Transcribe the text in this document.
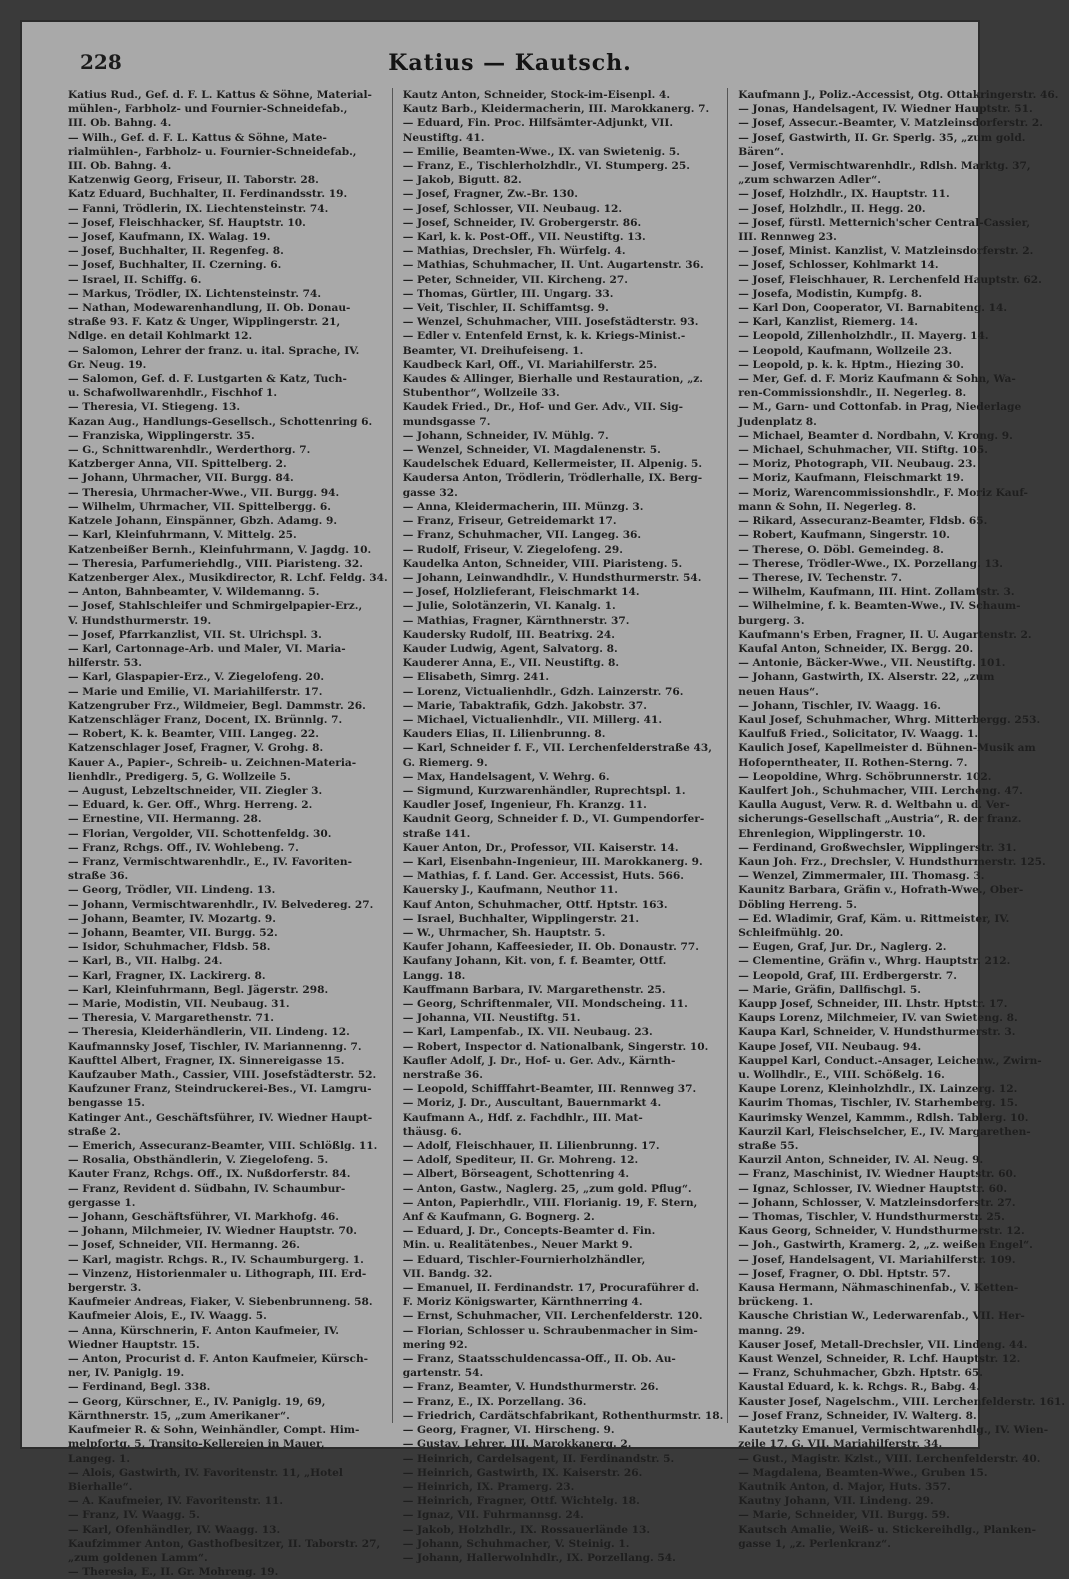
228	Katius — Kautsch.

Katius Rud., Gef. d. F. L. Kattus & Söhne, Material-

mühlen-, Farbholz- und Fournier-Schneidefab.,

III. Ob. Bahng. 4.

— Wilh., Gef. d. F. L. Kattus & Söhne, Mate-

rialmühlen-, Farbholz- u. Fournier-Schneidefab.,

III. Ob. Bahng. 4.

Katzenwig Georg, Friseur, II. Taborstr. 28.

Katz Eduard, Buchhalter, II. Ferdinandsstr. 19.

— Fanni, Trödlerin, IX. Liechtensteinstr. 74.

— Josef, Fleischhacker, Sf. Hauptstr. 10.

— Josef, Kaufmann, IX. Walag. 19.

— Josef, Buchhalter, II. Regenfeg. 8.

— Josef, Buchhalter, II. Czerning. 6.

— Israel, II. Schiffg. 6.

— Markus, Trödler, IX. Lichtensteinstr. 74.

— Nathan, Modewarenhandlung, II. Ob. Donau-

straße 93. F. Katz & Unger, Wipplingerstr. 21,

Ndlge. en detail Kohlmarkt 12.

— Salomon, Lehrer der franz. u. ital. Sprache, IV.

Gr. Neug. 19.

— Salomon, Gef. d. F. Lustgarten & Katz, Tuch-

u. Schafwollwarenhdlr., Fischhof 1.

— Theresia, VI. Stiegeng. 13.

Kazan Aug., Handlungs-Gesellsch., Schottenring 6.

— Franziska, Wipplingerstr. 35.

— G., Schnittwarenhdlr., Werderthorg. 7.

Katzberger Anna, VII. Spittelberg. 2.

— Johann, Uhrmacher, VII. Burgg. 84.

— Theresia, Uhrmacher-Wwe., VII. Burgg. 94.

— Wilhelm, Uhrmacher, VII. Spittelbergg. 6.

Katzele Johann, Einspänner, Gbzh. Adamg. 9.

— Karl, Kleinfuhrmann, V. Mittelg. 25.

Katzenbeißer Bernh., Kleinfuhrmann, V. Jagdg. 10.

— Theresia, Parfumeriehdlg., VIII. Piaristeng. 32.

Katzenberger Alex., Musikdirector, R. Lchf. Feldg. 34.

— Anton, Bahnbeamter, V. Wildemanng. 5.

— Josef, Stahlschleifer und Schmirgelpapier-Erz.,

V. Hundsthurmerstr. 19.

— Josef, Pfarrkanzlist, VII. St. Ulrichspl. 3.

— Karl, Cartonnage-Arb. und Maler, VI. Maria-

hilferstr. 53.

— Karl, Glaspapier-Erz., V. Ziegelofeng. 20.

— Marie und Emilie, VI. Mariahilferstr. 17.

Katzengruber Frz., Wildmeier, Begl. Dammstr. 26.

Katzenschläger Franz, Docent, IX. Brünnlg. 7.

— Robert, K. k. Beamter, VIII. Langeg. 22.

Katzenschlager Josef, Fragner, V. Grohg. 8.

Kauer A., Papier-, Schreib- u. Zeichnen-Materia-

lienhdlr., Predigerg. 5, G. Wollzeile 5.

— August, Lebzeltschneider, VII. Ziegler 3.

— Eduard, k. Ger. Off., Whrg. Herreng. 2.

— Ernestine, VII. Hermanng. 28.

— Florian, Vergolder, VII. Schottenfeldg. 30.

— Franz, Rchgs. Off., IV. Wohlebeng. 7.

— Franz, Vermischtwarenhdlr., E., IV. Favoriten-

straße 36.

— Georg, Trödler, VII. Lindeng. 13.

— Johann, Vermischtwarenhdlr., IV. Belvedereg. 27.

— Johann, Beamter, IV. Mozartg. 9.

— Johann, Beamter, VII. Burgg. 52.

— Isidor, Schuhmacher, Fldsb. 58.

— Karl, B., VII. Halbg. 24.

— Karl, Fragner, IX. Lackirerg. 8.

— Karl, Kleinfuhrmann, Begl. Jägerstr. 298.

— Marie, Modistin, VII. Neubaug. 31.

— Theresia, V. Margarethenstr. 71.

— Theresia, Kleiderhändlerin, VII. Lindeng. 12.

Kaufmannsky Josef, Tischler, IV. Mariannenng. 7.

Kaufttel Albert, Fragner, IX. Sinnereigasse 15.

Kaufzauber Math., Cassier, VIII. Josefstädterstr. 52.

Kaufzuner Franz, Steindruckerei-Bes., VI. Lamgru-

bengasse 15.

Katinger Ant., Geschäftsführer, IV. Wiedner Haupt-

straße 2.

— Emerich, Assecuranz-Beamter, VIII. Schlößlg. 11.

— Rosalia, Obsthändlerin, V. Ziegelofeng. 5.

Kauter Franz, Rchgs. Off., IX. Nußdorferstr. 84.

— Franz, Revident d. Südbahn, IV. Schaumbur-

gergasse 1.

— Johann, Geschäftsführer, VI. Markhofg. 46.

— Johann, Milchmeier, IV. Wiedner Hauptstr. 70.

— Josef, Schneider, VII. Hermanng. 26.

— Karl, magistr. Rchgs. R., IV. Schaumburgerg. 1.

— Vinzenz, Historienmaler u. Lithograph, III. Erd-

bergerstr. 3.

Kaufmeier Andreas, Fiaker, V. Siebenbrunneng. 58.

Kaufmeier Alois, E., IV. Waagg. 5.

— Anna, Kürschnerin, F. Anton Kaufmeier, IV.

Wiedner Hauptstr. 15.

— Anton, Procurist d. F. Anton Kaufmeier, Kürsch-

ner, IV. Paniglg. 19.

— Ferdinand, Begl. 338.

— Georg, Kürschner, E., IV. Paniglg. 19, 69,

Kärnthnerstr. 15, „zum Amerikaner“.

Kaufmeier R. & Sohn, Weinhändler, Compt. Him-

melpfortg. 5, Transito-Kellereien in Mauer,

Langeg. 1.

— Alois, Gastwirth, IV. Favoritenstr. 11, „Hotel

Bierhalle“.

— A. Kaufmeier, IV. Favoritenstr. 11.

— Franz, IV. Waagg. 5.

— Karl, Ofenhändler, IV. Waagg. 13.

Kaufzimmer Anton, Gasthofbesitzer, II. Taborstr. 27,

„zum goldenen Lamm“.

— Theresia, E., II. Gr. Mohreng. 19.

Kautz Anton, Schneider, Stock-im-Eisenpl. 4.

Kautz Barb., Kleidermacherin, III. Marokkanerg. 7.

— Eduard, Fin. Proc. Hilfsämter-Adjunkt, VII.

Neustiftg. 41.

— Emilie, Beamten-Wwe., IX. van Swietenig. 5.

— Franz, E., Tischlerholzhdlr., VI. Stumperg. 25.

— Jakob, Bigutt. 82.

— Josef, Fragner, Zw.-Br. 130.

— Josef, Schlosser, VII. Neubaug. 12.

— Josef, Schneider, IV. Grobergerstr. 86.

— Karl, k. k. Post-Off., VII. Neustiftg. 13.

— Mathias, Drechsler, Fh. Würfelg. 4.

— Mathias, Schuhmacher, II. Unt. Augartenstr. 36.

— Peter, Schneider, VII. Kircheng. 27.

— Thomas, Gürtler, III. Ungarg. 33.

— Veit, Tischler, II. Schiffamtsg. 9.

— Wenzel, Schuhmacher, VIII. Josefstädterstr. 93.

— Edler v. Entenfeld Ernst, k. k. Kriegs-Minist.-

Beamter, VI. Dreihufeiseng. 1.

Kaudbeck Karl, Off., VI. Mariahilferstr. 25.

Kaudes & Allinger, Bierhalle und Restauration, „z.

Stubenthor“, Wollzeile 33.

Kaudek Fried., Dr., Hof- und Ger. Adv., VII. Sig-

mundsgasse 7.

— Johann, Schneider, IV. Mühlg. 7.

— Wenzel, Schneider, VI. Magdalenenstr. 5.

Kaudelschek Eduard, Kellermeister, II. Alpenig. 5.

Kaudersa Anton, Trödlerin, Trödlerhalle, IX. Berg-

gasse 32.

— Anna, Kleidermacherin, III. Münzg. 3.

— Franz, Friseur, Getreidemarkt 17.

— Franz, Schuhmacher, VII. Langeg. 36.

— Rudolf, Friseur, V. Ziegelofeng. 29.

Kaudelka Anton, Schneider, VIII. Piaristeng. 5.

— Johann, Leinwandhdlr., V. Hundsthurmerstr. 54.

— Josef, Holzlieferant, Fleischmarkt 14.

— Julie, Solotänzerin, VI. Kanalg. 1.

— Mathias, Fragner, Kärnthnerstr. 37.

Kaudersky Rudolf, III. Beatrixg. 24.

Kauder Ludwig, Agent, Salvatorg. 8.

Kauderer Anna, E., VII. Neustiftg. 8.

— Elisabeth, Simrg. 241.

— Lorenz, Victualienhdlr., Gdzh. Lainzerstr. 76.

— Marie, Tabaktrafik, Gdzh. Jakobstr. 37.

— Michael, Victualienhdlr., VII. Millerg. 41.

Kauders Elias, II. Lilienbrunng. 8.

— Karl, Schneider f. F., VII. Lerchenfelderstraße 43,

G. Riemerg. 9.

— Max, Handelsagent, V. Wehrg. 6.

— Sigmund, Kurzwarenhändler, Ruprechtspl. 1.

Kaudler Josef, Ingenieur, Fh. Kranzg. 11.

Kaudnit Georg, Schneider f. D., VI. Gumpendorfer-

straße 141.

Kauer Anton, Dr., Professor, VII. Kaiserstr. 14.

— Karl, Eisenbahn-Ingenieur, III. Marokkanerg. 9.

— Mathias, f. f. Land. Ger. Accessist, Huts. 566.

Kauersky J., Kaufmann, Neuthor 11.

Kauf Anton, Schuhmacher, Ottf. Hptstr. 163.

— Israel, Buchhalter, Wipplingerstr. 21.

— W., Uhrmacher, Sh. Hauptstr. 5.

Kaufer Johann, Kaffeesieder, II. Ob. Donaustr. 77.

Kaufany Johann, Kit. von, f. f. Beamter, Ottf.

Langg. 18.

Kauffmann Barbara, IV. Margarethenstr. 25.

— Georg, Schriftenmaler, VII. Mondscheing. 11.

— Johanna, VII. Neustiftg. 51.

— Karl, Lampenfab., IX. VII. Neubaug. 23.

— Robert, Inspector d. Nationalbank, Singerstr. 10.

Kaufler Adolf, J. Dr., Hof- u. Ger. Adv., Kärnth-

nerstraße 36.

— Leopold, Schifffahrt-Beamter, III. Rennweg 37.

— Moriz, J. Dr., Auscultant, Bauernmarkt 4.

Kaufmann A., Hdf. z. Fachdhlr., III. Mat-

thäusg. 6.

— Adolf, Fleischhauer, II. Lilienbrunng. 17.

— Adolf, Spediteur, II. Gr. Mohreng. 12.

— Albert, Börseagent, Schottenring 4.

— Anton, Gastw., Naglerg. 25, „zum gold. Pflug“.

— Anton, Papierhdlr., VIII. Florianig. 19, F. Stern,

Anf & Kaufmann, G. Bognerg. 2.

— Eduard, J. Dr., Concepts-Beamter d. Fin.

Min. u. Realitätenbes., Neuer Markt 9.

— Eduard, Tischler-Fournierholzhändler,

VII. Bandg. 32.

— Emanuel, II. Ferdinandstr. 17, Procuraführer d.

F. Moriz Königswarter, Kärnthnerring 4.

— Ernst, Schuhmacher, VII. Lerchenfelderstr. 120.

— Florian, Schlosser u. Schraubenmacher in Sim-

mering 92.

— Franz, Staatsschuldencassa-Off., II. Ob. Au-

gartenstr. 54.

— Franz, Beamter, V. Hundsthurmerstr. 26.

— Franz, E., IX. Porzellang. 36.

— Friedrich, Cardätschfabrikant, Rothenthurmstr. 18.

— Georg, Fragner, VI. Hirscheng. 9.

— Gustav, Lehrer, III. Marokkanerg. 2.

— Heinrich, Cardelsagent, II. Ferdinandstr. 5.

— Heinrich, Gastwirth, IX. Kaiserstr. 26.

— Heinrich, IX. Pramerg. 23.

— Heinrich, Fragner, Ottf. Wichtelg. 18.

— Ignaz, VII. Fuhrmannsg. 24.

— Jakob, Holzhdlr., IX. Rossauerlände 13.

— Johann, Schuhmacher, V. Steinig. 1.

— Johann, Hallerwolnhdlr., IX. Porzellang. 54.

Kaufmann J., Poliz.-Accessist, Otg. Ottakringerstr. 46.

— Jonas, Handelsagent, IV. Wiedner Hauptstr. 51.

— Josef, Assecur.-Beamter, V. Matzleinsdorferstr. 2.

— Josef, Gastwirth, II. Gr. Sperlg. 35, „zum gold.

Bären“.

— Josef, Vermischtwarenhdlr., Rdlsh. Marktg. 37,

„zum schwarzen Adler“.

— Josef, Holzhdlr., IX. Hauptstr. 11.

— Josef, Holzhdlr., II. Hegg. 20.

— Josef, fürstl. Metternich'scher Central-Cassier,

III. Rennweg 23.

— Josef, Minist. Kanzlist, V. Matzleinsdorferstr. 2.

— Josef, Schlosser, Kohlmarkt 14.

— Josef, Fleischhauer, R. Lerchenfeld Hauptstr. 62.

— Josefa, Modistin, Kumpfg. 8.

— Karl Don, Cooperator, VI. Barnabiteng. 14.

— Karl, Kanzlist, Riemerg. 14.

— Leopold, Zillenholzhdlr., II. Mayerg. 14.

— Leopold, Kaufmann, Wollzeile 23.

— Leopold, p. k. k. Hptm., Hiezing 30.

— Mer, Gef. d. F. Moriz Kaufmann & Sohn, Wa-

ren-Commissionshdlr., II. Negerleg. 8.

— M., Garn- und Cottonfab. in Prag, Niederlage

Judenplatz 8.

— Michael, Beamter d. Nordbahn, V. Krong. 9.

— Michael, Schuhmacher, VII. Stiftg. 105.

— Moriz, Photograph, VII. Neubaug. 23.

— Moriz, Kaufmann, Fleischmarkt 19.

— Moriz, Warencommissionshdlr., F. Moriz Kauf-

mann & Sohn, II. Negerleg. 8.

— Rikard, Assecuranz-Beamter, Fldsb. 65.

— Robert, Kaufmann, Singerstr. 10.

— Therese, O. Döbl. Gemeindeg. 8.

— Therese, Trödler-Wwe., IX. Porzellang. 13.

— Therese, IV. Techenstr. 7.

— Wilhelm, Kaufmann, III. Hint. Zollamtstr. 3.

— Wilhelmine, f. k. Beamten-Wwe., IV. Schaum-

burgerg. 3.

Kaufmann's Erben, Fragner, II. U. Augartenstr. 2.

Kaufal Anton, Schneider, IX. Bergg. 20.

— Antonie, Bäcker-Wwe., VII. Neustiftg. 101.

— Johann, Gastwirth, IX. Alserstr. 22, „zum

neuen Haus“.

— Johann, Tischler, IV. Waagg. 16.

Kaul Josef, Schuhmacher, Whrg. Mitterbergg. 253.

Kaulfuß Fried., Solicitator, IV. Waagg. 1.

Kaulich Josef, Kapellmeister d. Bühnen-Musik am

Hofoperntheater, II. Rothen-Sterng. 7.

— Leopoldine, Whrg. Schöbrunnerstr. 102.

Kaulfert Joh., Schuhmacher, VIII. Lercheng. 47.

Kaulla August, Verw. R. d. Weltbahn u. d. Ver-

sicherungs-Gesellschaft „Austria“, R. der franz.

Ehrenlegion, Wipplingerstr. 10.

— Ferdinand, Großwechsler, Wipplingerstr. 31.

Kaun Joh. Frz., Drechsler, V. Hundsthurmerstr. 125.

— Wenzel, Zimmermaler, III. Thomasg. 3.

Kaunitz Barbara, Gräfin v., Hofrath-Wwe., Ober-

Döbling Herreng. 5.

— Ed. Wladimir, Graf, Käm. u. Rittmeister, IV.

Schleifmühlg. 20.

— Eugen, Graf, Jur. Dr., Naglerg. 2.

— Clementine, Gräfin v., Whrg. Hauptstr. 212.

— Leopold, Graf, III. Erdbergerstr. 7.

— Marie, Gräfin, Dallfischgl. 5.

Kaupp Josef, Schneider, III. Lhstr. Hptstr. 17.

Kaups Lorenz, Milchmeier, IV. van Swieteng. 8.

Kaupa Karl, Schneider, V. Hundsthurmerstr. 3.

Kaupe Josef, VII. Neubaug. 94.

Kauppel Karl, Conduct.-Ansager, Leichenw., Zwirn-

u. Wollhdlr., E., VIII. Schößelg. 16.

Kaupe Lorenz, Kleinholzhdlr., IX. Lainzerg. 12.

Kaurim Thomas, Tischler, IV. Starhemberg. 15.

Kaurimsky Wenzel, Kammm., Rdlsh. Tablerg. 10.

Kaurzil Karl, Fleischselcher, E., IV. Margarethen-

straße 55.

Kaurzil Anton, Schneider, IV. Al. Neug. 9.

— Franz, Maschinist, IV. Wiedner Hauptstr. 60.

— Ignaz, Schlosser, IV. Wiedner Hauptstr. 60.

— Johann, Schlosser, V. Matzleinsdorferstr. 27.

— Thomas, Tischler, V. Hundsthurmerstr. 25.

Kaus Georg, Schneider, V. Hundsthurmerstr. 12.

— Joh., Gastwirth, Kramerg. 2, „z. weißen Engel“.

— Josef, Handelsagent, VI. Mariahilferstr. 109.

— Josef, Fragner, O. Dbl. Hptstr. 57.

Kausa Hermann, Nähmaschinenfab., V. Ketten-

brückeng. 1.

Kausche Christian W., Lederwarenfab., VII. Her-

manng. 29.

Kauser Josef, Metall-Drechsler, VII. Lindeng. 44.

Kaust Wenzel, Schneider, R. Lchf. Hauptstr. 12.

— Franz, Schuhmacher, Gbzh. Hptstr. 65.

Kaustal Eduard, k. k. Rchgs. R., Babg. 4.

Kauster Josef, Nagelschm., VIII. Lerchenfelderstr. 161.

— Josef Franz, Schneider, IV. Walterg. 8.

Kautetzky Emanuel, Vermischtwarenhdlg., IV. Wien-

zeile 17, G. VII. Mariahilferstr. 34.

— Gust., Magistr. Kzlst., VIII. Lerchenfelderstr. 40.

— Magdalena, Beamten-Wwe., Gruben 15.

Kautnik Anton, d. Major, Huts. 357.

Kautny Johann, VII. Lindeng. 29.

— Marie, Schneider, VII. Burgg. 59.

Kautsch Amalie, Weiß- u. Stickereihdlg., Planken-

gasse 1, „z. Perlenkranz“.
